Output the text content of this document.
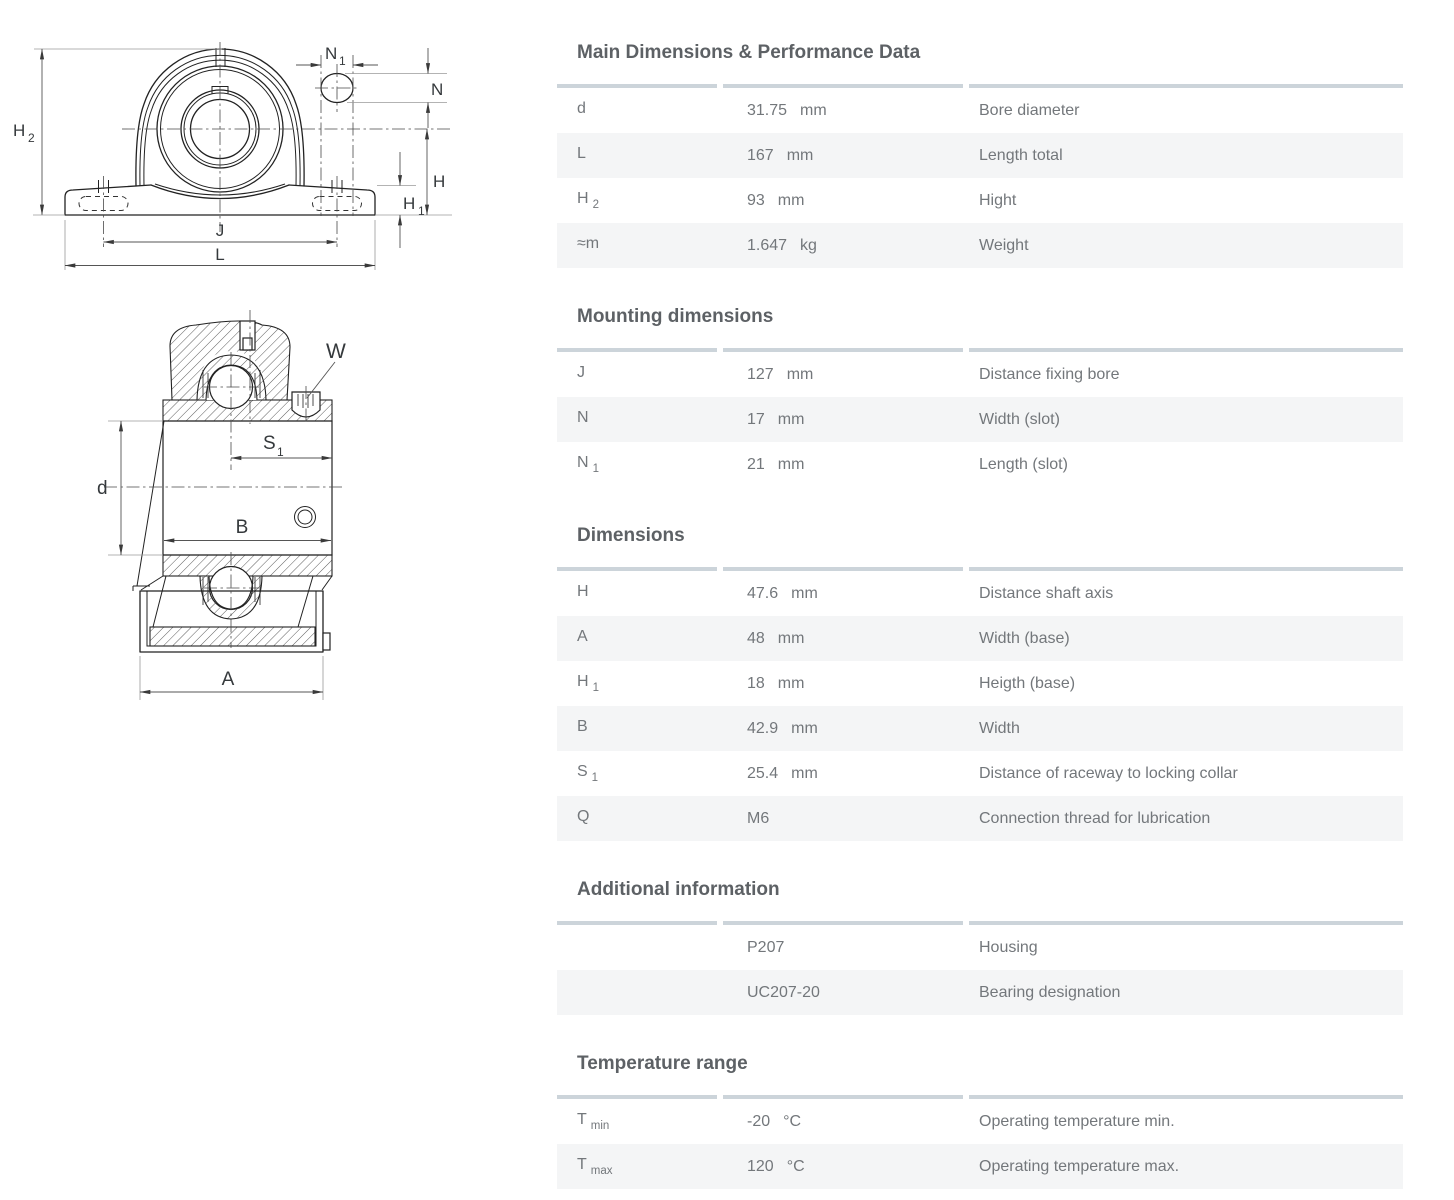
H 2
N 1
N
H
H 1
J
L
W
S 1
d
B
A
Main Dimensions & Performance Data
d	31.75 mm	Bore diameter
L	167 mm	Length total
H $_2$	93 mm	Hight
≈m	1.647 kg	Weight
Mounting dimensions
J	127 mm	Distance fixing bore
N	17 mm	Width (slot)
N $_1$	21 mm	Length (slot)
Dimensions
H	47.6 mm	Distance shaft axis
A	48 mm	Width (base)
H $_1$	18 mm	Heigth (base)
B	42.9 mm	Width
S $_1$	25.4 mm	Distance of raceway to locking collar
Q	M6	Connection thread for lubrication
Additional information
P207	Housing
UC207-20	Bearing designation
Temperature range
T $_{min}$	-20 °C	Operating temperature min.
T $_{max}$	120 °C	Operating temperature max.
